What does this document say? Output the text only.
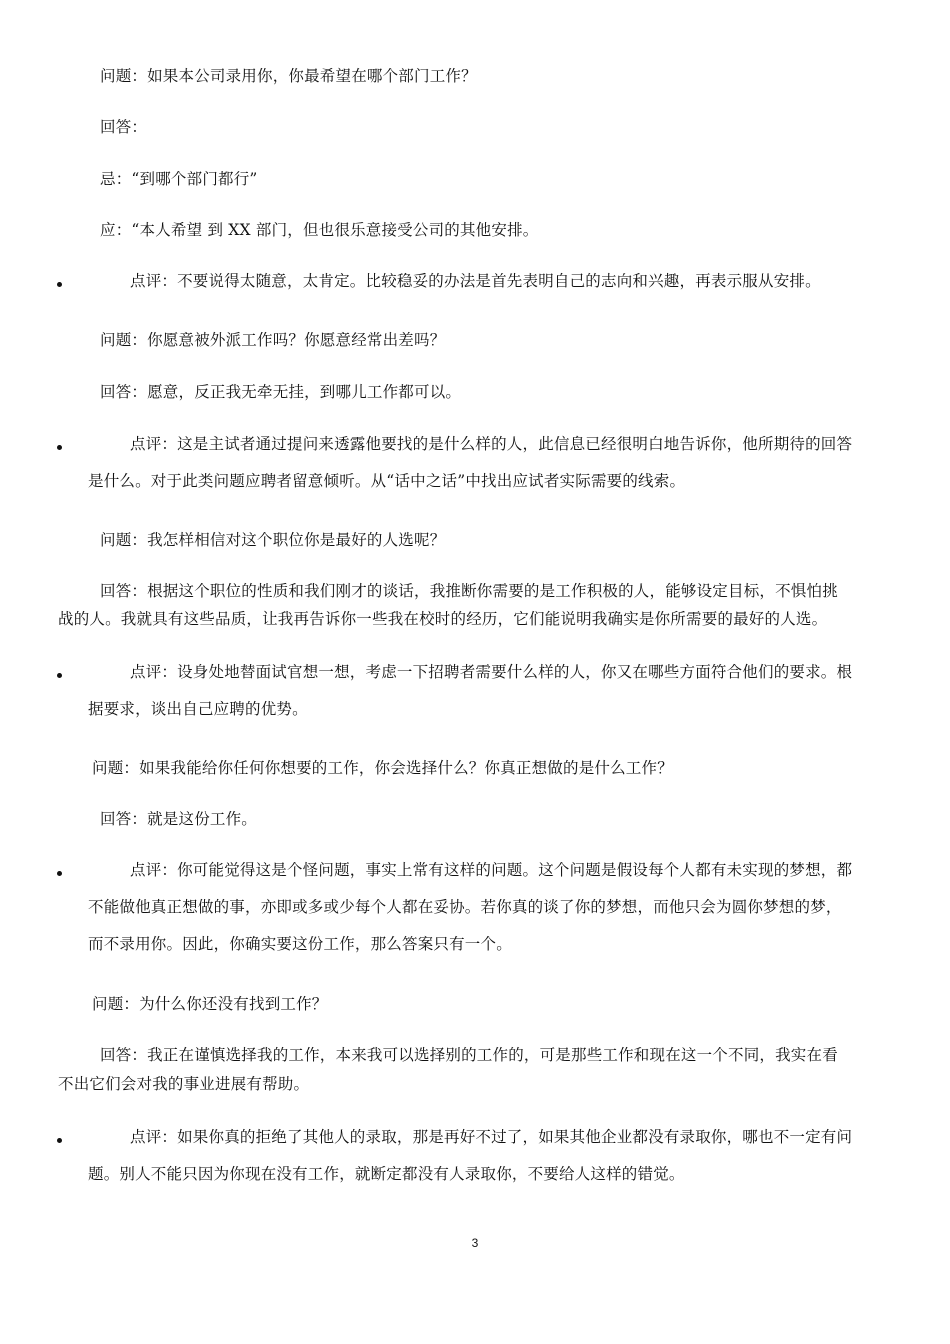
问题：如果本公司录用你，你最希望在哪个部门工作？
回答：
忌：“到哪个部门都行”
应：“本人希望 到 XX 部门，但也很乐意接受公司的其他安排。
点评：不要说得太随意，太肯定。比较稳妥的办法是首先表明自己的志向和兴趣，再表示服从安排。
问题：你愿意被外派工作吗？你愿意经常出差吗？
回答：愿意，反正我无牵无挂，到哪儿工作都可以。
点评：这是主试者通过提问来透露他要找的是什么样的人，此信息已经很明白地告诉你，他所期待的回答
是什么。对于此类问题应聘者留意倾听。从“话中之话”中找出应试者实际需要的线索。
问题：我怎样相信对这个职位你是最好的人选呢？
回答：根据这个职位的性质和我们刚才的谈话，我推断你需要的是工作积极的人，能够设定目标，不惧怕挑
战的人。我就具有这些品质，让我再告诉你一些我在校时的经历，它们能说明我确实是你所需要的最好的人选。
点评：设身处地替面试官想一想，考虑一下招聘者需要什么样的人，你又在哪些方面符合他们的要求。根
据要求，谈出自己应聘的优势。
问题：如果我能给你任何你想要的工作，你会选择什么？你真正想做的是什么工作？
回答：就是这份工作。
点评：你可能觉得这是个怪问题，事实上常有这样的问题。这个问题是假设每个人都有未实现的梦想，都
不能做他真正想做的事，亦即或多或少每个人都在妥协。若你真的谈了你的梦想，而他只会为圆你梦想的梦，
而不录用你。因此，你确实要这份工作，那么答案只有一个。
问题：为什么你还没有找到工作？
回答：我正在谨慎选择我的工作，本来我可以选择别的工作的，可是那些工作和现在这一个不同，我实在看
不出它们会对我的事业进展有帮助。
点评：如果你真的拒绝了其他人的录取，那是再好不过了，如果其他企业都没有录取你，哪也不一定有问
题。别人不能只因为你现在没有工作，就断定都没有人录取你，不要给人这样的错觉。
3
